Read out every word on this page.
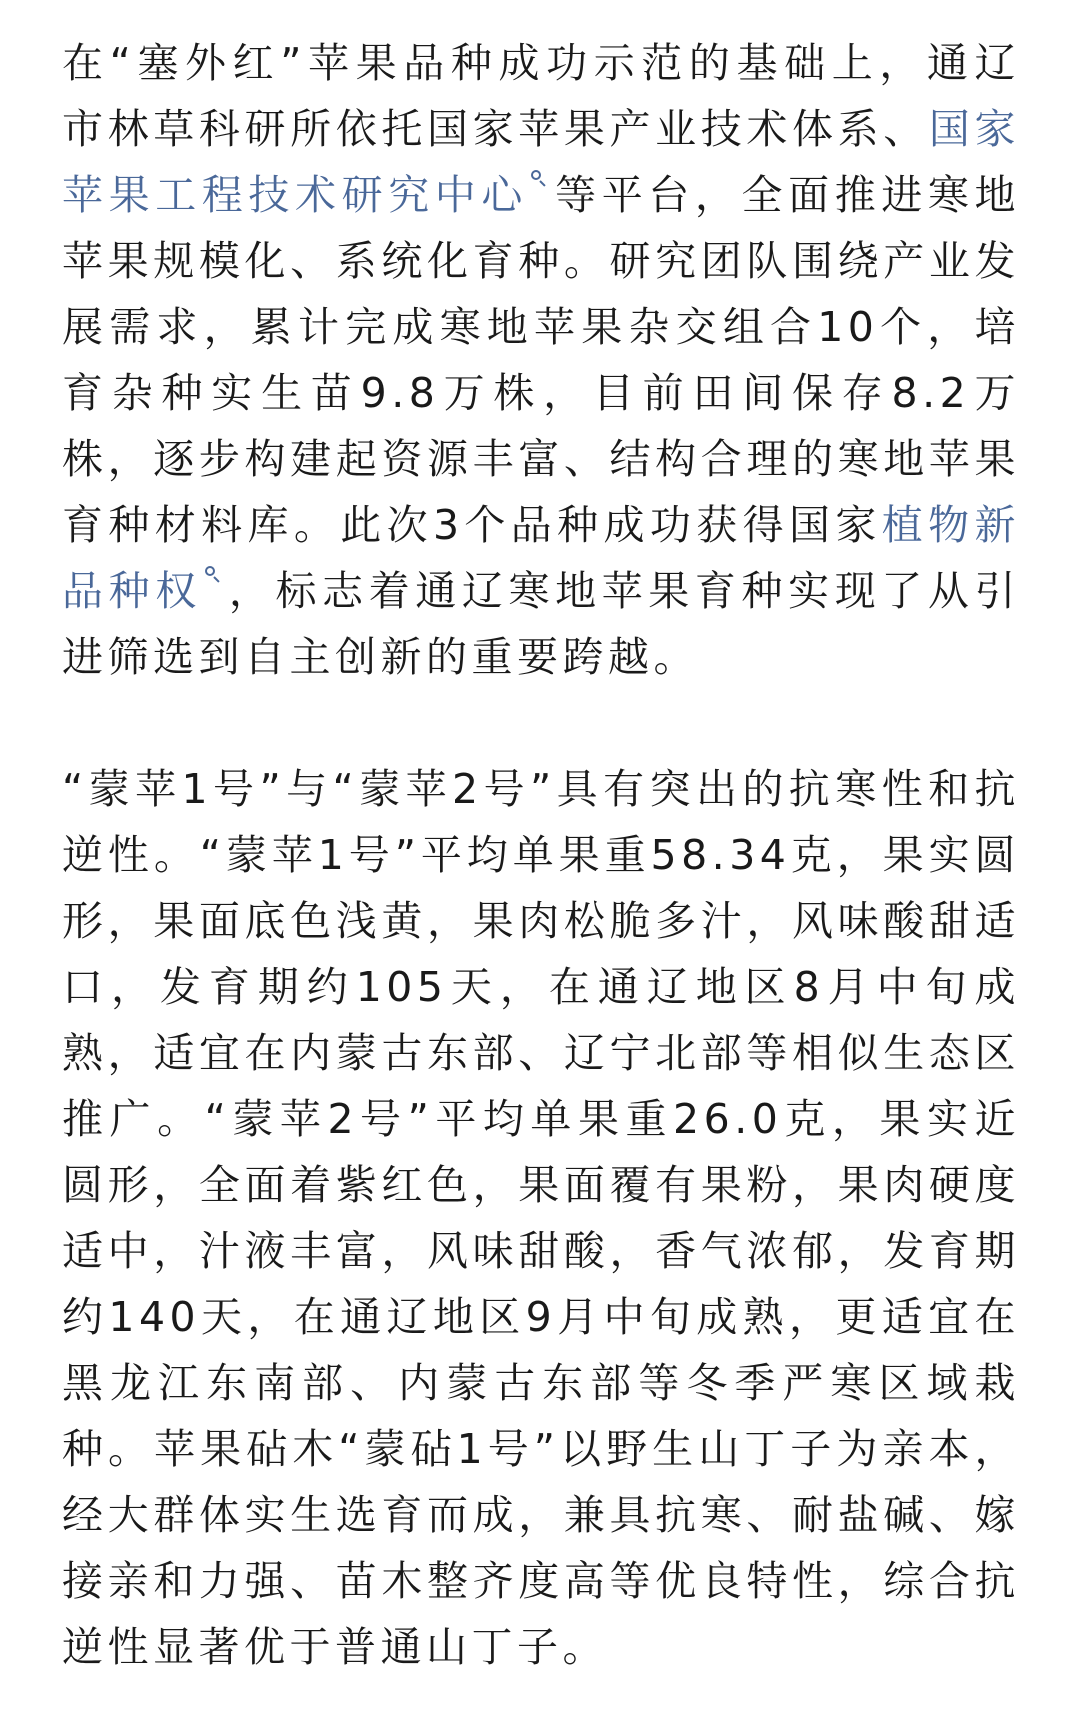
在“塞外红”苹果品种成功示范的基础上，通辽市林草科研所依托国家苹果产业技术体系、国家苹果工程技术研究中心 等平台，全面推进寒地苹果规模化、系统化育种。研究团队围绕产业发展需求，累计完成寒地苹果杂交组合10个，培育杂种实生苗9.8万株，目前田间保存8.2万株，逐步构建起资源丰富、结构合理的寒地苹果育种材料库。此次3个品种成功获得国家植物新品种权 ，标志着通辽寒地苹果育种实现了从引进筛选到自主创新的重要跨越。

“蒙苹1号”与“蒙苹2号”具有突出的抗寒性和抗逆性。“蒙苹1号”平均单果重58.34克，果实圆形，果面底色浅黄，果肉松脆多汁，风味酸甜适口，发育期约105天，在通辽地区8月中旬成熟，适宜在内蒙古东部、辽宁北部等相似生态区推广。“蒙苹2号”平均单果重26.0克，果实近圆形，全面着紫红色，果面覆有果粉，果肉硬度适中，汁液丰富，风味甜酸，香气浓郁，发育期约140天，在通辽地区9月中旬成熟，更适宜在黑龙江东南部、内蒙古东部等冬季严寒区域栽种。苹果砧木“蒙砧1号”以野生山丁子为亲本，经大群体实生选育而成，兼具抗寒、耐盐碱、嫁接亲和力强、苗木整齐度高等优良特性，综合抗逆性显著优于普通山丁子。
